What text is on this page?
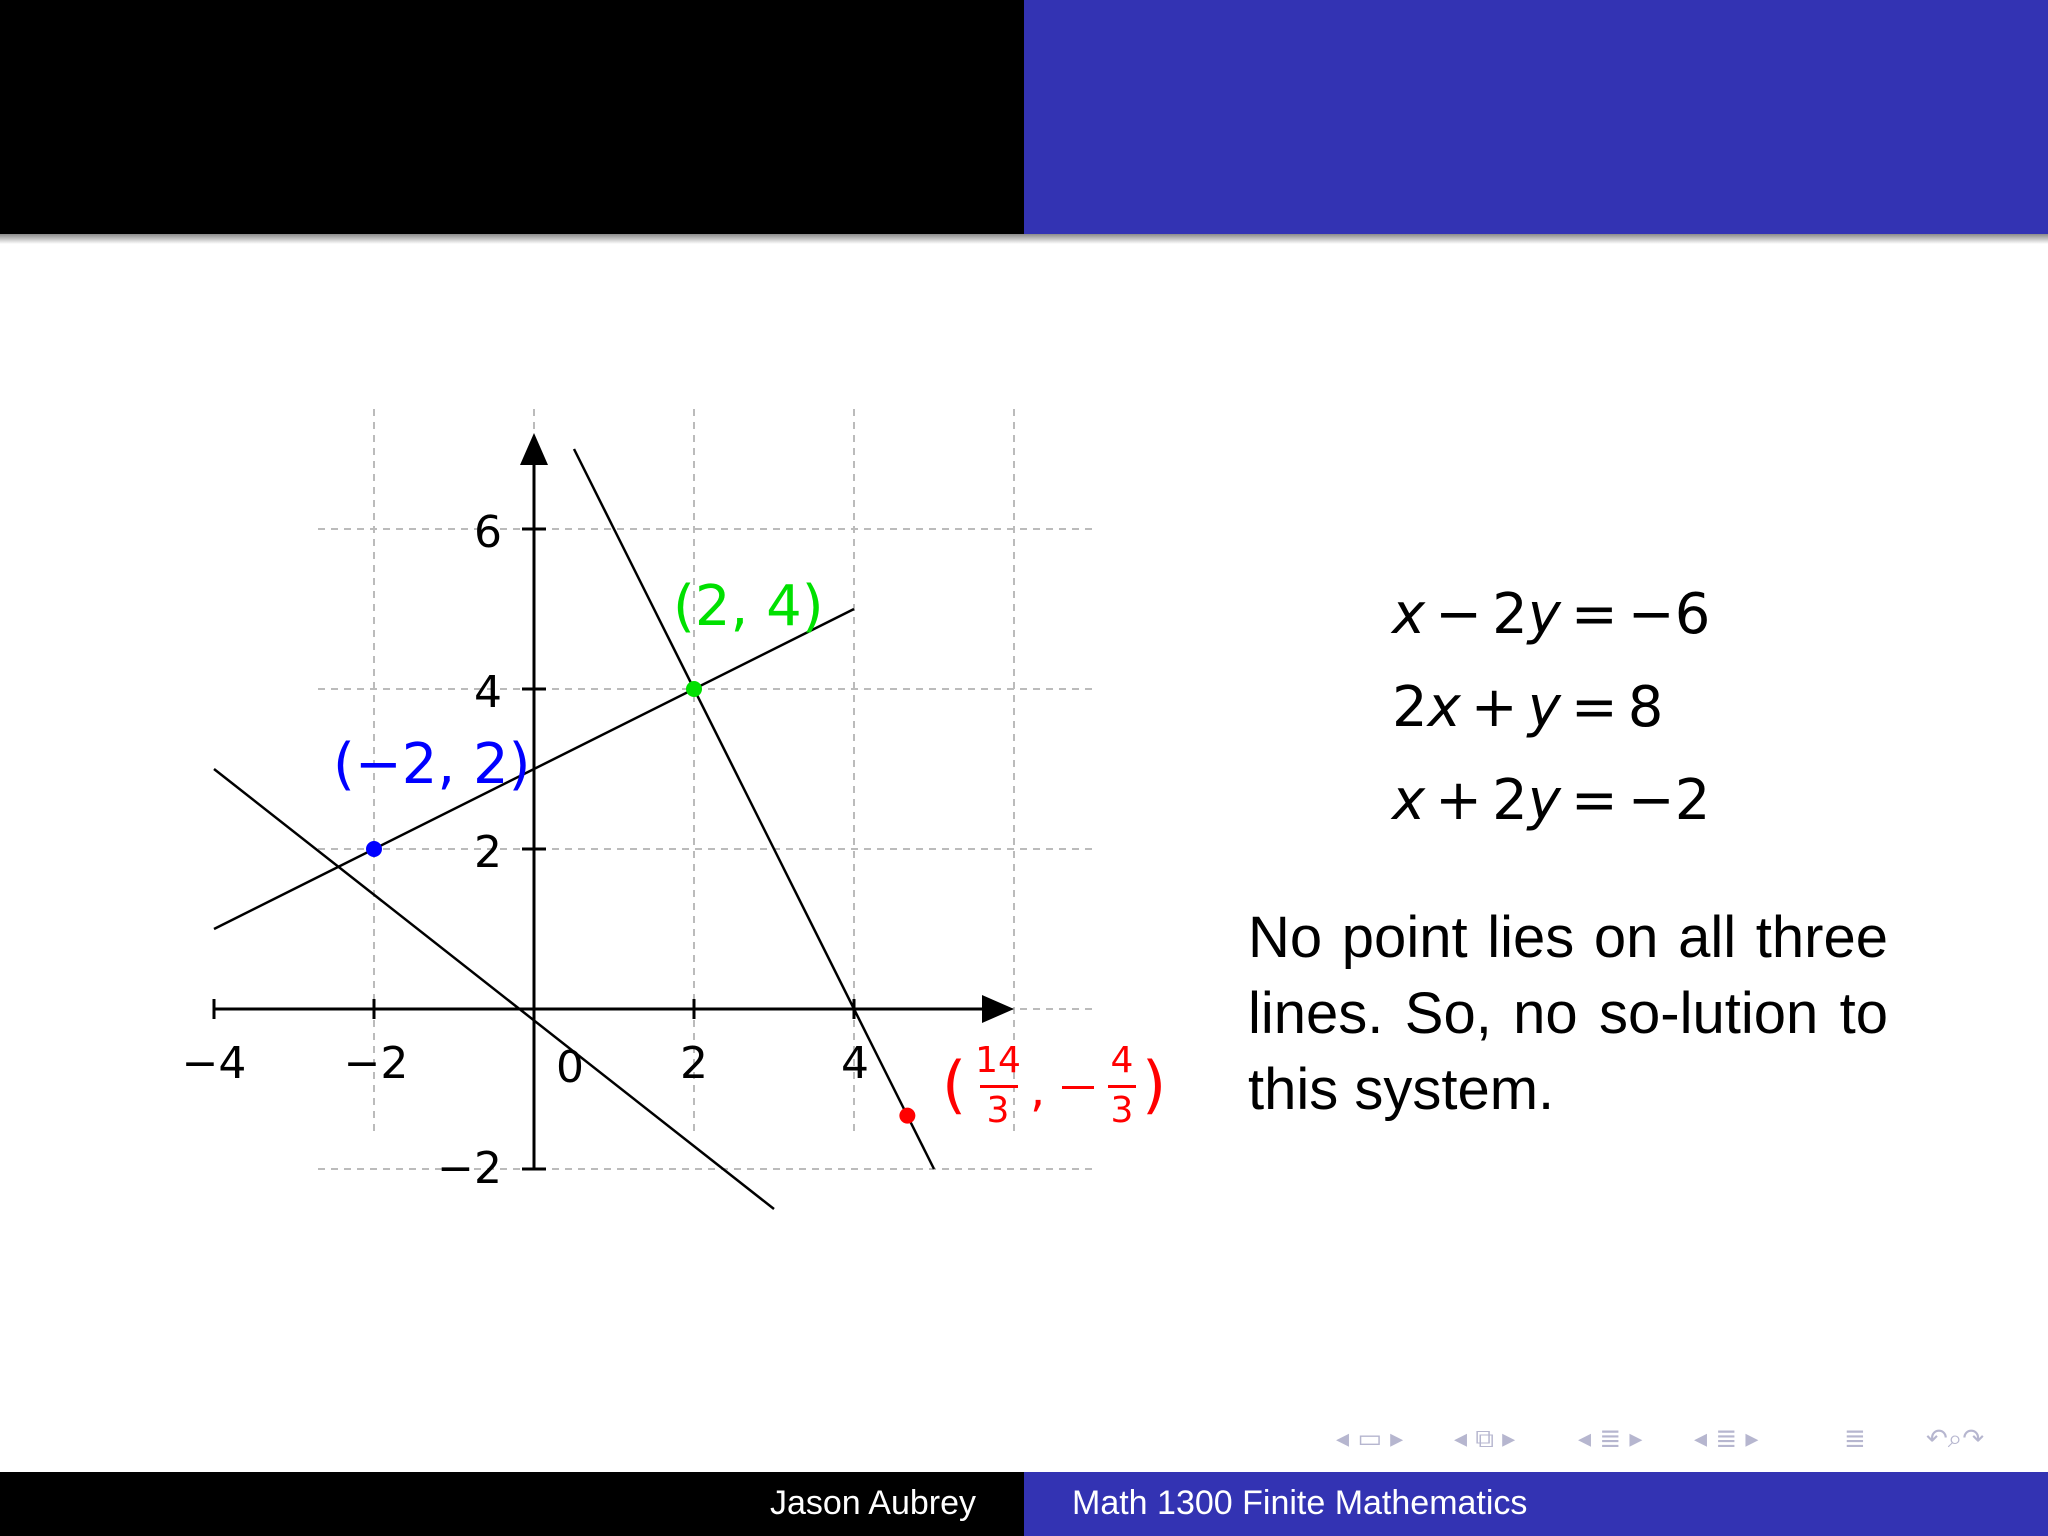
−4 −2	0 2	4
6
4
2
−2
(−2, 2)
(2, 4)
( 14
3 ,
4
3 )
x − 2y = −6
2x + y = 8
x + 2y = −2
No point lies on all three lines. So, no so-lution to this system.
◂ ▭ ▸ ◂ ⧉ ▸ ◂ ≣ ▸ ◂ ≣ ▸	≣ ↶⌕↷
Jason Aubrey	Math 1300 Finite Mathematics
